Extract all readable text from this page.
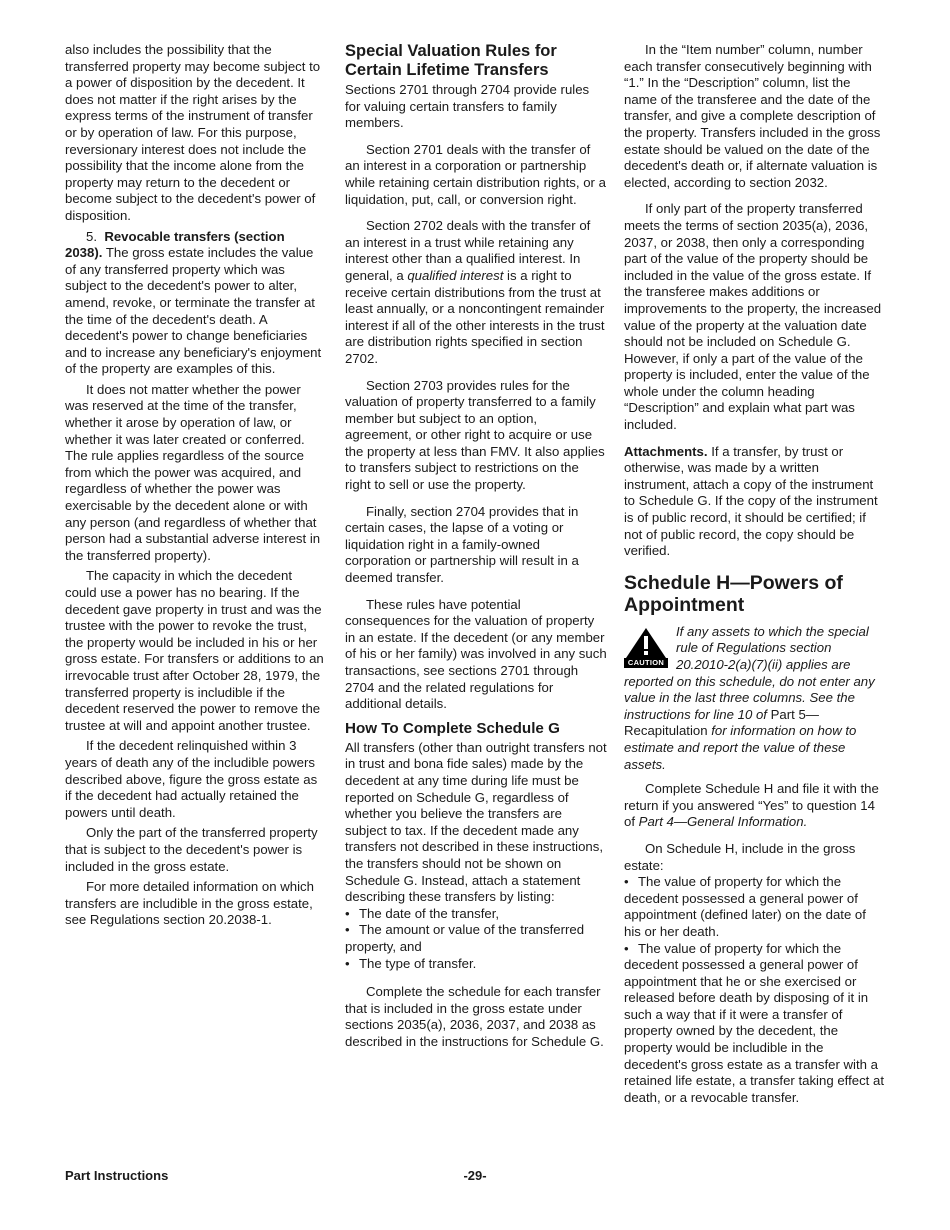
also includes the possibility that the transferred property may become subject to a power of disposition by the decedent. It does not matter if the right arises by the express terms of the instrument of transfer or by operation of law. For this purpose, reversionary interest does not include the possibility that the income alone from the property may return to the decedent or become subject to the decedent's power of disposition.

5. Revocable transfers (section 2038). The gross estate includes the value of any transferred property which was subject to the decedent's power to alter, amend, revoke, or terminate the transfer at the time of the decedent's death. A decedent's power to change beneficiaries and to increase any beneficiary's enjoyment of the property are examples of this.

It does not matter whether the power was reserved at the time of the transfer, whether it arose by operation of law, or whether it was later created or conferred. The rule applies regardless of the source from which the power was acquired, and regardless of whether the power was exercisable by the decedent alone or with any person (and regardless of whether that person had a substantial adverse interest in the transferred property).

The capacity in which the decedent could use a power has no bearing. If the decedent gave property in trust and was the trustee with the power to revoke the trust, the property would be included in his or her gross estate. For transfers or additions to an irrevocable trust after October 28, 1979, the transferred property is includible if the decedent reserved the power to remove the trustee at will and appoint another trustee.

If the decedent relinquished within 3 years of death any of the includible powers described above, figure the gross estate as if the decedent had actually retained the powers until death.

Only the part of the transferred property that is subject to the decedent's power is included in the gross estate.

For more detailed information on which transfers are includible in the gross estate, see Regulations section 20.2038-1.

Special Valuation Rules for Certain Lifetime Transfers

Sections 2701 through 2704 provide rules for valuing certain transfers to family members.

Section 2701 deals with the transfer of an interest in a corporation or partnership while retaining certain distribution rights, or a liquidation, put, call, or conversion right.

Section 2702 deals with the transfer of an interest in a trust while retaining any interest other than a qualified interest. In general, a qualified interest is a right to receive certain distributions from the trust at least annually, or a noncontingent remainder interest if all of the other interests in the trust are distribution rights specified in section 2702.

Section 2703 provides rules for the valuation of property transferred to a family member but subject to an option, agreement, or other right to acquire or use the property at less than FMV. It also applies to transfers subject to restrictions on the right to sell or use the property.

Finally, section 2704 provides that in certain cases, the lapse of a voting or liquidation right in a family-owned corporation or partnership will result in a deemed transfer.

These rules have potential consequences for the valuation of property in an estate. If the decedent (or any member of his or her family) was involved in any such transactions, see sections 2701 through 2704 and the related regulations for additional details.

How To Complete Schedule G

All transfers (other than outright transfers not in trust and bona fide sales) made by the decedent at any time during life must be reported on Schedule G, regardless of whether you believe the transfers are subject to tax. If the decedent made any transfers not described in these instructions, the transfers should not be shown on Schedule G. Instead, attach a statement describing these transfers by listing:

• The date of the transfer,
• The amount or value of the transferred property, and
• The type of transfer.

Complete the schedule for each transfer that is included in the gross estate under sections 2035(a), 2036, 2037, and 2038 as described in the instructions for Schedule G.

In the “Item number” column, number each transfer consecutively beginning with “1.” In the “Description” column, list the name of the transferee and the date of the transfer, and give a complete description of the property. Transfers included in the gross estate should be valued on the date of the decedent's death or, if alternate valuation is elected, according to section 2032.

If only part of the property transferred meets the terms of section 2035(a), 2036, 2037, or 2038, then only a corresponding part of the value of the property should be included in the value of the gross estate. If the transferee makes additions or improvements to the property, the increased value of the property at the valuation date should not be included on Schedule G. However, if only a part of the value of the property is included, enter the value of the whole under the column heading “Description” and explain what part was included.

Attachments. If a transfer, by trust or otherwise, was made by a written instrument, attach a copy of the instrument to Schedule G. If the copy of the instrument is of public record, it should be certified; if not of public record, the copy should be verified.

Schedule H—Powers of Appointment
CAUTION
If any assets to which the special rule of Regulations section 20.2010-2(a)(7)(ii) applies are reported on this schedule, do not enter any value in the last three columns. See the instructions for line 10 of Part 5—Recapitulation for information on how to estimate and report the value of these assets.

Complete Schedule H and file it with the return if you answered “Yes” to question 14 of Part 4—General Information.

On Schedule H, include in the gross estate:

• The value of property for which the decedent possessed a general power of appointment (defined later) on the date of his or her death.
• The value of property for which the decedent possessed a general power of appointment that he or she exercised or released before death by disposing of it in such a way that if it were a transfer of property owned by the decedent, the property would be includible in the decedent's gross estate as a transfer with a retained life estate, a transfer taking effect at death, or a revocable transfer.
Part Instructions	-29-
